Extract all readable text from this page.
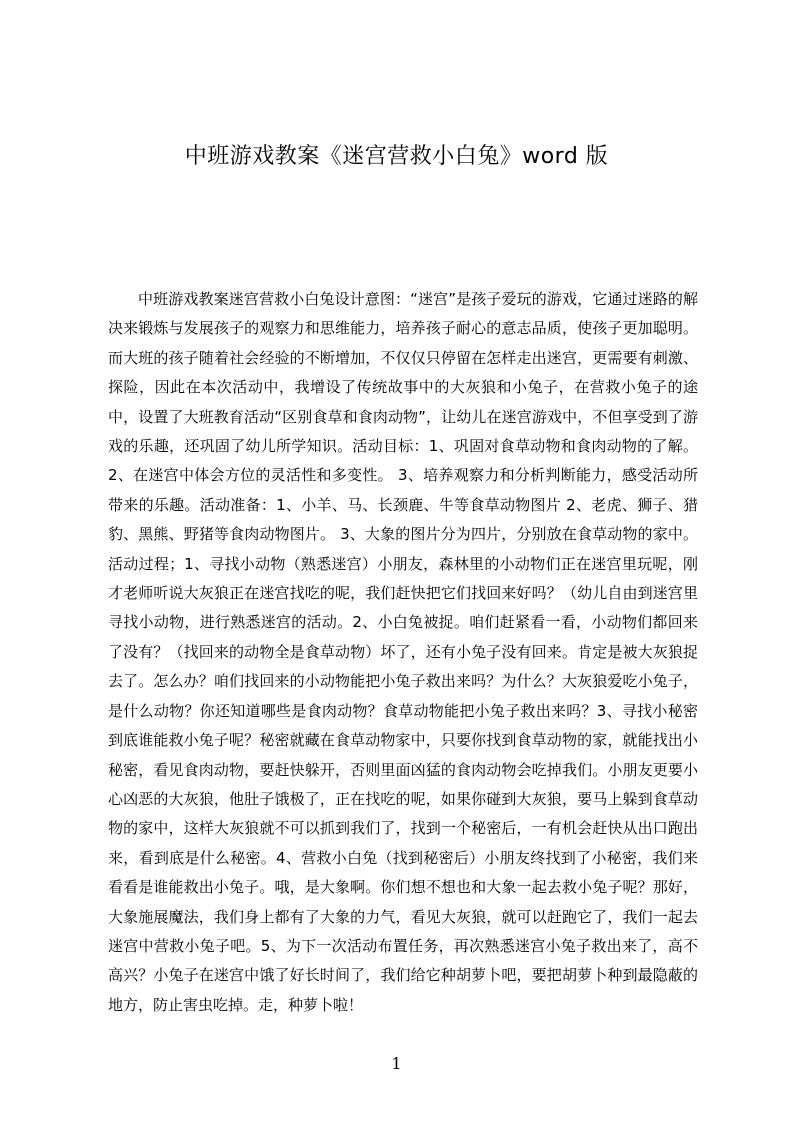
中班游戏教案《迷宫营救小白兔》word 版

中班游戏教案迷宫营救小白兔设计意图：“迷宫”是孩子爱玩的游戏，它通过迷路的解决来锻炼与发展孩子的观察力和思维能力，培养孩子耐心的意志品质，使孩子更加聪明。而大班的孩子随着社会经验的不断增加，不仅仅只停留在怎样走出迷宫，更需要有刺激、探险，因此在本次活动中，我增设了传统故事中的大灰狼和小兔子，在营救小兔子的途中，设置了大班教育活动“区别食草和食肉动物”，让幼儿在迷宫游戏中，不但享受到了游戏的乐趣，还巩固了幼儿所学知识。活动目标：1、巩固对食草动物和食肉动物的了解。2、在迷宫中体会方位的灵活性和多变性。 3、培养观察力和分析判断能力，感受活动所带来的乐趣。活动准备：1、小羊、马、长颈鹿、牛等食草动物图片 2、老虎、狮子、猎豹、黑熊、野猪等食肉动物图片。 3、大象的图片分为四片，分别放在食草动物的家中。活动过程；1、寻找小动物（熟悉迷宫）小朋友，森林里的小动物们正在迷宫里玩呢，刚才老师听说大灰狼正在迷宫找吃的呢，我们赶快把它们找回来好吗？（幼儿自由到迷宫里寻找小动物，进行熟悉迷宫的活动。2、小白兔被捉。咱们赶紧看一看，小动物们都回来了没有？（找回来的动物全是食草动物）坏了，还有小兔子没有回来。肯定是被大灰狼捉去了。怎么办？咱们找回来的小动物能把小兔子救出来吗？为什么？大灰狼爱吃小兔子，是什么动物？你还知道哪些是食肉动物？食草动物能把小兔子救出来吗？3、寻找小秘密到底谁能救小兔子呢？秘密就藏在食草动物家中，只要你找到食草动物的家，就能找出小秘密，看见食肉动物，要赶快躲开，否则里面凶猛的食肉动物会吃掉我们。小朋友更要小心凶恶的大灰狼，他肚子饿极了，正在找吃的呢，如果你碰到大灰狼，要马上躲到食草动物的家中，这样大灰狼就不可以抓到我们了，找到一个秘密后，一有机会赶快从出口跑出来，看到底是什么秘密。4、营救小白兔（找到秘密后）小朋友终找到了小秘密，我们来看看是谁能救出小兔子。哦，是大象啊。你们想不想也和大象一起去救小兔子呢？那好，大象施展魔法，我们身上都有了大象的力气，看见大灰狼，就可以赶跑它了，我们一起去迷宫中营救小兔子吧。5、为下一次活动布置任务，再次熟悉迷宫小兔子救出来了，高不高兴？小兔子在迷宫中饿了好长时间了，我们给它种胡萝卜吧，要把胡萝卜种到最隐蔽的地方，防止害虫吃掉。走，种萝卜啦！

1
